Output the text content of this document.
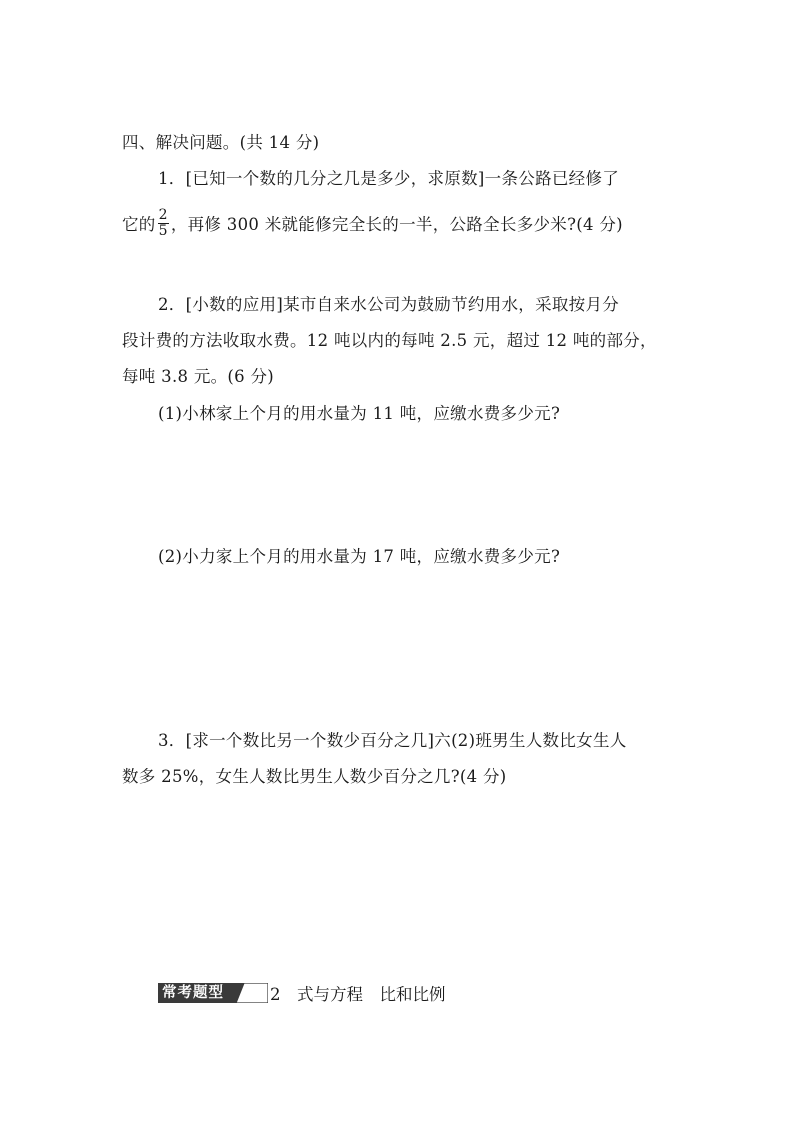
四、解决问题。(共 14 分)
1．[已知一个数的几分之几是多少，求原数]一条公路已经修了
它的 $\frac{2}{5}$ ，再修 300 米就能修完全长的一半，公路全长多少米?(4 分)
2．[小数的应用]某市自来水公司为鼓励节约用水，采取按月分
段计费的方法收取水费。12 吨以内的每吨 2.5 元，超过 12 吨的部分，
每吨 3.8 元。(6 分)
(1)小林家上个月的用水量为 11 吨，应缴水费多少元?
(2)小力家上个月的用水量为 17 吨，应缴水费多少元?
3．[求一个数比另一个数少百分之几]六(2)班男生人数比女生人
数多 25%，女生人数比男生人数少百分之几?(4 分)
常考题型	2　式与方程　比和比例
